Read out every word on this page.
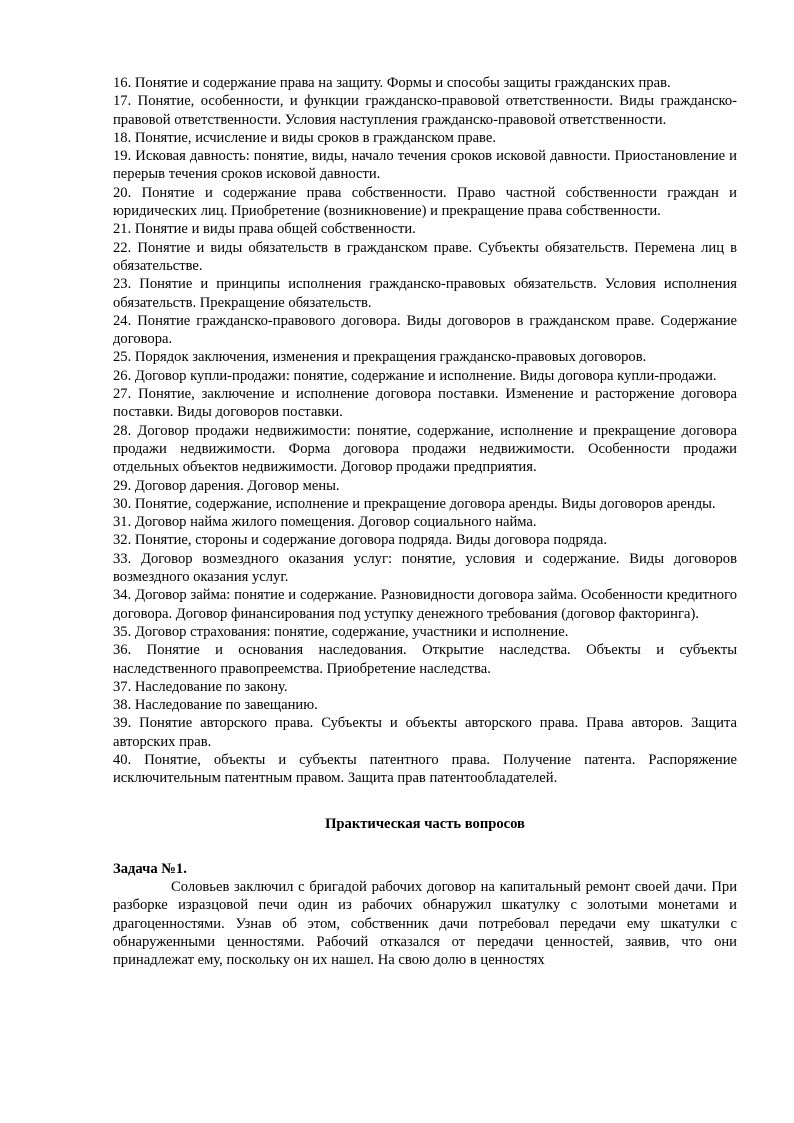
16. Понятие и содержание права на защиту. Формы и способы защиты гражданских прав.

17. Понятие, особенности, и функции гражданско-правовой ответственности. Виды гражданско-правовой ответственности. Условия наступления гражданско-правовой ответственности.

18. Понятие, исчисление и виды сроков в гражданском праве.

19. Исковая давность: понятие, виды, начало течения сроков исковой давности. Приостановление и перерыв течения сроков исковой давности.

20. Понятие и содержание права собственности. Право частной собственности граждан и юридических лиц. Приобретение (возникновение) и прекращение права собственности.

21. Понятие и виды права общей собственности.

22. Понятие и виды обязательств в гражданском праве. Субъекты обязательств. Перемена лиц в обязательстве.

23. Понятие и принципы исполнения гражданско-правовых обязательств. Условия исполнения обязательств. Прекращение обязательств.

24. Понятие гражданско-правового договора. Виды договоров в гражданском праве. Содержание договора.

25. Порядок заключения, изменения и прекращения гражданско-правовых договоров.

26. Договор купли-продажи: понятие, содержание и исполнение. Виды договора купли-продажи.

27. Понятие, заключение и исполнение договора поставки. Изменение и расторжение договора поставки. Виды договоров поставки.

28. Договор продажи недвижимости: понятие, содержание, исполнение и прекращение договора продажи недвижимости. Форма договора продажи недвижимости. Особенности продажи отдельных объектов недвижимости. Договор продажи предприятия.

29. Договор дарения. Договор мены.

30. Понятие, содержание, исполнение и прекращение договора аренды. Виды договоров аренды.

31. Договор найма жилого помещения. Договор социального найма.

32. Понятие, стороны и содержание договора подряда. Виды договора подряда.

33. Договор возмездного оказания услуг: понятие, условия и содержание. Виды договоров возмездного оказания услуг.

34. Договор займа: понятие и содержание. Разновидности договора займа. Особенности кредитного договора. Договор финансирования под уступку денежного требования (договор факторинга).

35. Договор страхования: понятие, содержание, участники и исполнение.

36. Понятие и основания наследования. Открытие наследства. Объекты и субъекты наследственного правопреемства. Приобретение наследства.

37. Наследование по закону.

38. Наследование по завещанию.

39. Понятие авторского права. Субъекты и объекты авторского права. Права авторов. Защита авторских прав.

40. Понятие, объекты и субъекты патентного права. Получение патента. Распоряжение исключительным патентным правом. Защита прав патентообладателей.

Практическая часть вопросов

Задача №1.

Соловьев заключил с бригадой рабочих договор на капитальный ремонт своей дачи. При разборке изразцовой печи один из рабочих обнаружил шкатулку с золотыми монетами и драгоценностями. Узнав об этом, собственник дачи потребовал передачи ему шкатулки с обнаруженными ценностями. Рабочий отказался от передачи ценностей, заявив, что они принадлежат ему, поскольку он их нашел. На свою долю в ценностях
